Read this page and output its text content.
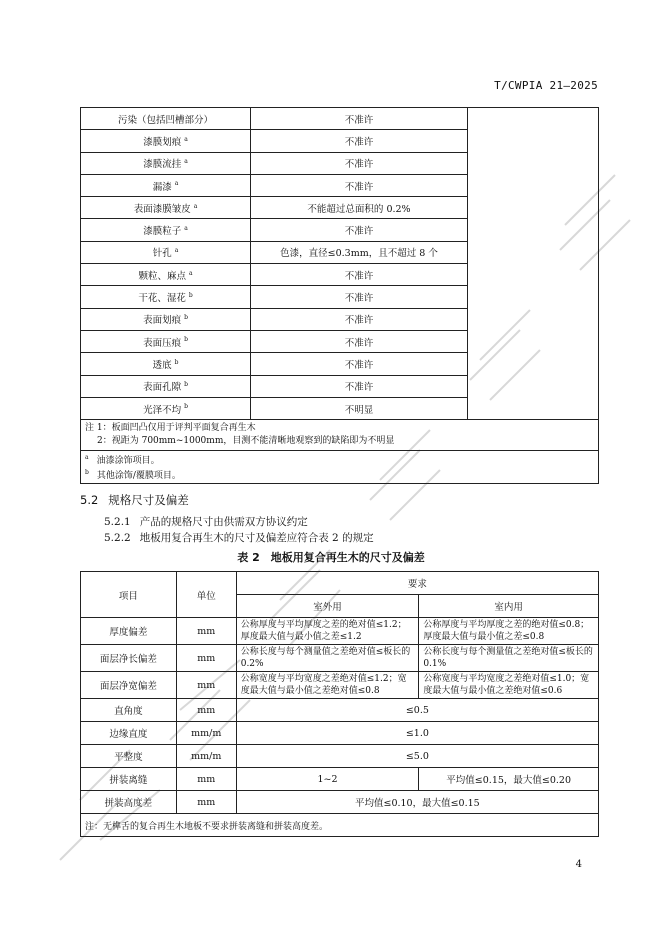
T/CWPIA 21—2025
污染（包括凹槽部分）	不准许	
漆膜划痕 $^a$	不准许	
漆膜流挂 $^a$	不准许	
漏漆 $^a$	不准许	
表面漆膜皱皮 $^a$	不能超过总面积的 0.2%	
漆膜粒子 $^a$	不准许	
针孔 $^a$	色漆，直径≤0.3mm，且不超过 8 个	
颗粒、麻点 $^a$	不准许	
干花、湿花 $^b$	不准许	
表面划痕 $^b$	不准许	
表面压痕 $^b$	不准许	
透底 $^b$	不准许	
表面孔隙 $^b$	不准许	
光泽不均 $^b$	不明显	

注 1：板面凹凸仅用于评判平面复合再生木
2：视距为 700mm~1000mm，目测不能清晰地观察到的缺陷即为不明显		

$^a$ 油漆涂饰项目。
$^b$ 其他涂饰/覆膜项目。		
5.2 规格尺寸及偏差
5.2.1 产品的规格尺寸由供需双方协议约定
5.2.2 地板用复合再生木的尺寸及偏差应符合表 2 的规定
表 2　地板用复合再生木的尺寸及偏差
项目	单位	要求	
		室外用	室内用
厚度偏差	mm	公称厚度与平均厚度之差的绝对值≤1.2；厚度最大值与最小值之差≤1.2	公称厚度与平均厚度之差的绝对值≤0.8；厚度最大值与最小值之差≤0.8
面层净长偏差	mm	公称长度与每个测量值之差绝对值≤板长的 0.2%	公称长度与每个测量值之差绝对值≤板长的 0.1%
面层净宽偏差	mm	公称宽度与平均宽度之差绝对值≤1.2；宽度最大值与最小值之差绝对值≤0.8	公称宽度与平均宽度之差绝对值≤1.0；宽度最大值与最小值之差绝对值≤0.6
直角度	mm	≤0.5	
边缘直度	mm/m	≤1.0	
平整度	mm/m	≤5.0	
拼装离缝	mm	1~2	平均值≤0.15，最大值≤0.20
拼装高度差	mm	平均值≤0.10，最大值≤0.15	
注：无榫舌的复合再生木地板不要求拼装离缝和拼装高度差。			
4
